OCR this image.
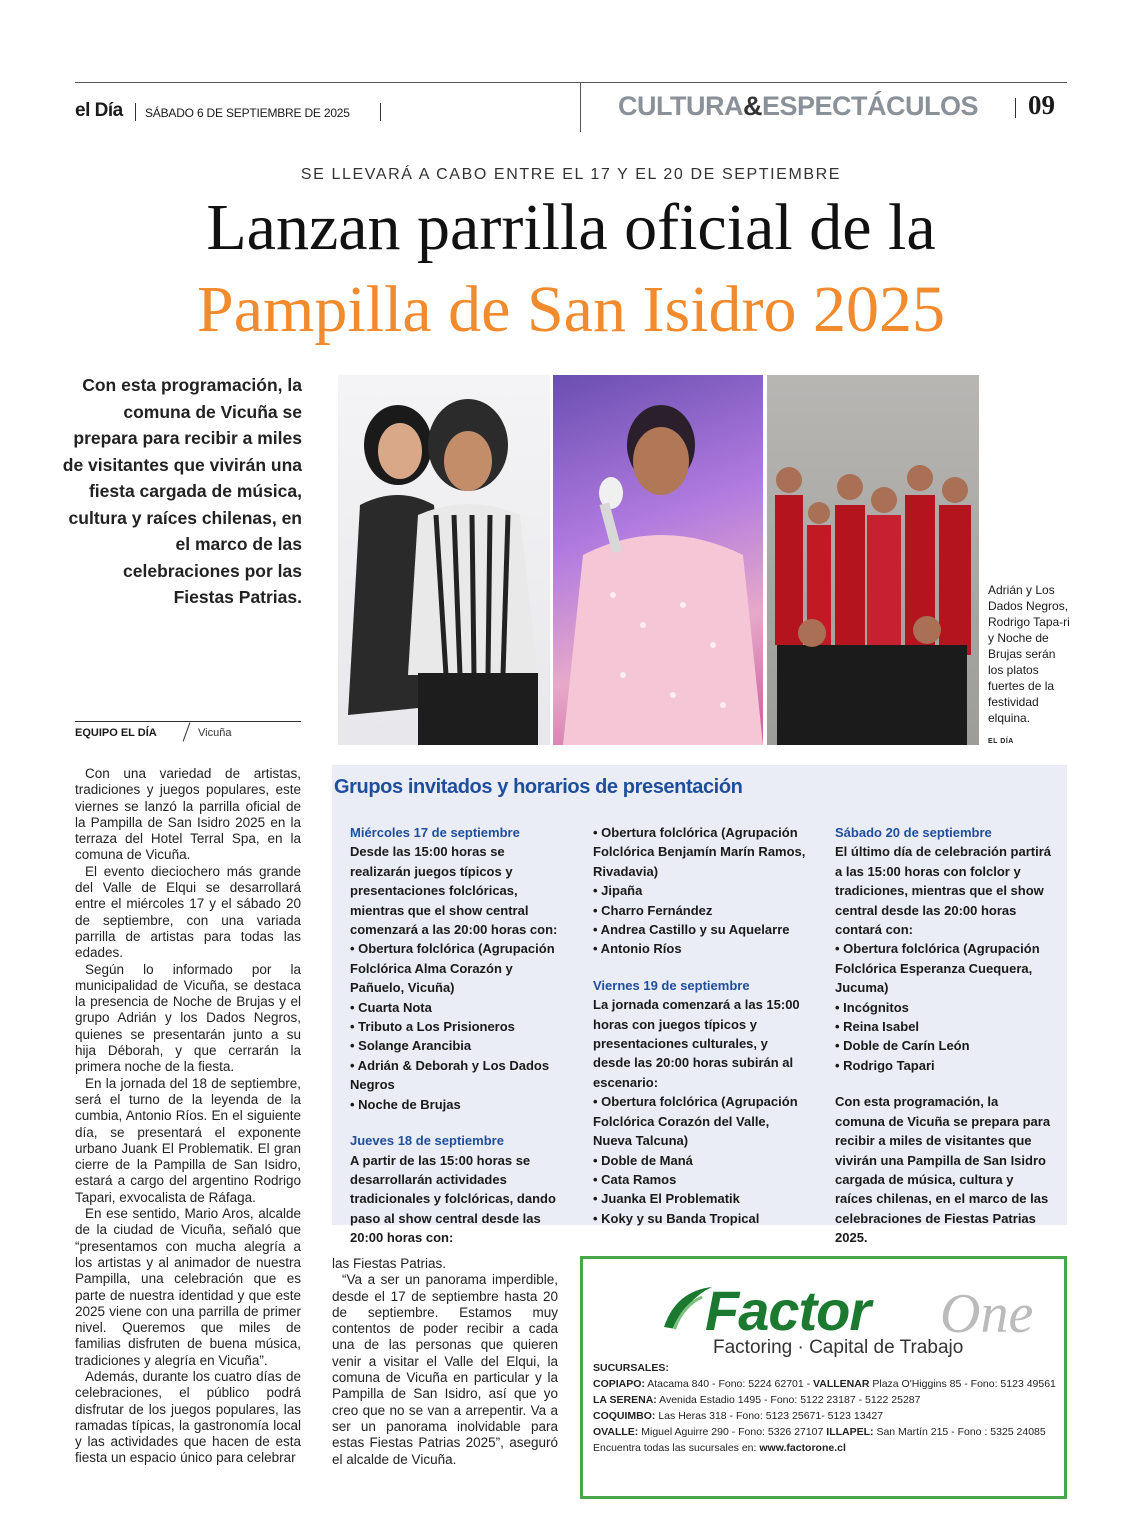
el Día SÁBADO 6 DE SEPTIEMBRE DE 2025	CULTURA&ESPECTÁCULOS 09
SE LLEVARÁ A CABO ENTRE EL 17 Y EL 20 DE SEPTIEMBRE
Lanzan parrilla oficial de la
Pampilla de San Isidro 2025
Con esta programación, la comuna de Vicuña se prepara para recibir a miles de visitantes que vivirán una fiesta cargada de música, cultura y raíces chilenas, en el marco de las celebraciones por las Fiestas Patrias.	Adrián y Los Dados Negros, Rodrigo Tapa-ri y Noche de Brujas serán los platos fuertes de la festividad elquina.
EL DÍA
EQUIPO EL DÍA	Vicuña

Con una variedad de artistas, tradiciones y juegos populares, este viernes se lanzó la parrilla oficial de la Pampilla de San Isidro 2025 en la terraza del Hotel Terral Spa, en la comuna de Vicuña.

El evento dieciochero más grande del Valle de Elqui se desarrollará entre el miércoles 17 y el sábado 20 de septiembre, con una variada parrilla de artistas para todas las edades.

Según lo informado por la municipalidad de Vicuña, se destaca la presencia de Noche de Brujas y el grupo Adrián y los Dados Negros, quienes se presentarán junto a su hija Déborah, y que cerrarán la primera noche de la fiesta.

En la jornada del 18 de septiembre, será el turno de la leyenda de la cumbia, Antonio Ríos. En el siguiente día, se presentará el exponente urbano Juank El Problematik. El gran cierre de la Pampilla de San Isidro, estará a cargo del argentino Rodrigo Tapari, exvocalista de Ráfaga.

En ese sentido, Mario Aros, alcalde de la ciudad de Vicuña, señaló que “presentamos con mucha alegría a los artistas y al animador de nuestra Pampilla, una celebración que es parte de nuestra identidad y que este 2025 viene con una parrilla de primer nivel. Queremos que miles de familias disfruten de buena música, tradiciones y alegría en Vicuña”.

Además, durante los cuatro días de celebraciones, el público podrá disfrutar de los juegos populares, las ramadas típicas, la gastronomía local y las actividades que hacen de esta fiesta un espacio único para celebrar

Grupos invitados y horarios de presentación
Miércoles 17 de septiembre
Desde las 15:00 horas se realizarán juegos típicos y presentaciones folclóricas, mientras que el show central comenzará a las 20:00 horas con:
• Obertura folclórica (Agrupación Folclórica Alma Corazón y Pañuelo, Vicuña)
• Cuarta Nota
• Tributo a Los Prisioneros
• Solange Arancibia
• Adrián & Deborah y Los Dados Negros
• Noche de Brujas
Jueves 18 de septiembre
A partir de las 15:00 horas se desarrollarán actividades tradicionales y folclóricas, dando paso al show central desde las 20:00 horas con:
• Obertura folclórica (Agrupación Folclórica Benjamín Marín Ramos, Rivadavia)
• Jipaña
• Charro Fernández
• Andrea Castillo y su Aquelarre
• Antonio Ríos
Viernes 19 de septiembre
La jornada comenzará a las 15:00 horas con juegos típicos y presentaciones culturales, y desde las 20:00 horas subirán al escenario:
• Obertura folclórica (Agrupación Folclórica Corazón del Valle, Nueva Talcuna)
• Doble de Maná
• Cata Ramos
• Juanka El Problematik
• Koky y su Banda Tropical
Sábado 20 de septiembre
El último día de celebración partirá a las 15:00 horas con folclor y tradiciones, mientras que el show central desde las 20:00 horas contará con:
• Obertura folclórica (Agrupación Folclórica Esperanza Cuequera, Jucuma)
• Incógnitos
• Reina Isabel
• Doble de Carín León
• Rodrigo Tapari
Con esta programación, la comuna de Vicuña se prepara para recibir a miles de visitantes que vivirán una Pampilla de San Isidro cargada de música, cultura y raíces chilenas, en el marco de las celebraciones de Fiestas Patrias 2025.

las Fiestas Patrias.

“Va a ser un panorama imperdible, desde el 17 de septiembre hasta 20 de septiembre. Estamos muy contentos de poder recibir a cada una de las personas que quieren venir a visitar el Valle del Elqui, la comuna de Vicuña en particular y la Pampilla de San Isidro, así que yo creo que no se van a arrepentir. Va a ser un panorama inolvidable para estas Fiestas Patrias 2025”, aseguró el alcalde de Vicuña.

Factor One
Factoring · Capital de Trabajo
SUCURSALES:
COPIAPO: Atacama 840 - Fono: 5224 62701 - VALLENAR Plaza O'Higgins 85 - Fono: 5123 49561
LA SERENA: Avenida Estadio 1495 - Fono: 5122 23187 - 5122 25287
COQUIMBO: Las Heras 318 - Fono: 5123 25671- 5123 13427
OVALLE: Miguel Aguirre 290 - Fono: 5326 27107 ILLAPEL: San Martín 215 - Fono : 5325 24085
Encuentra todas las sucursales en: www.factorone.cl
